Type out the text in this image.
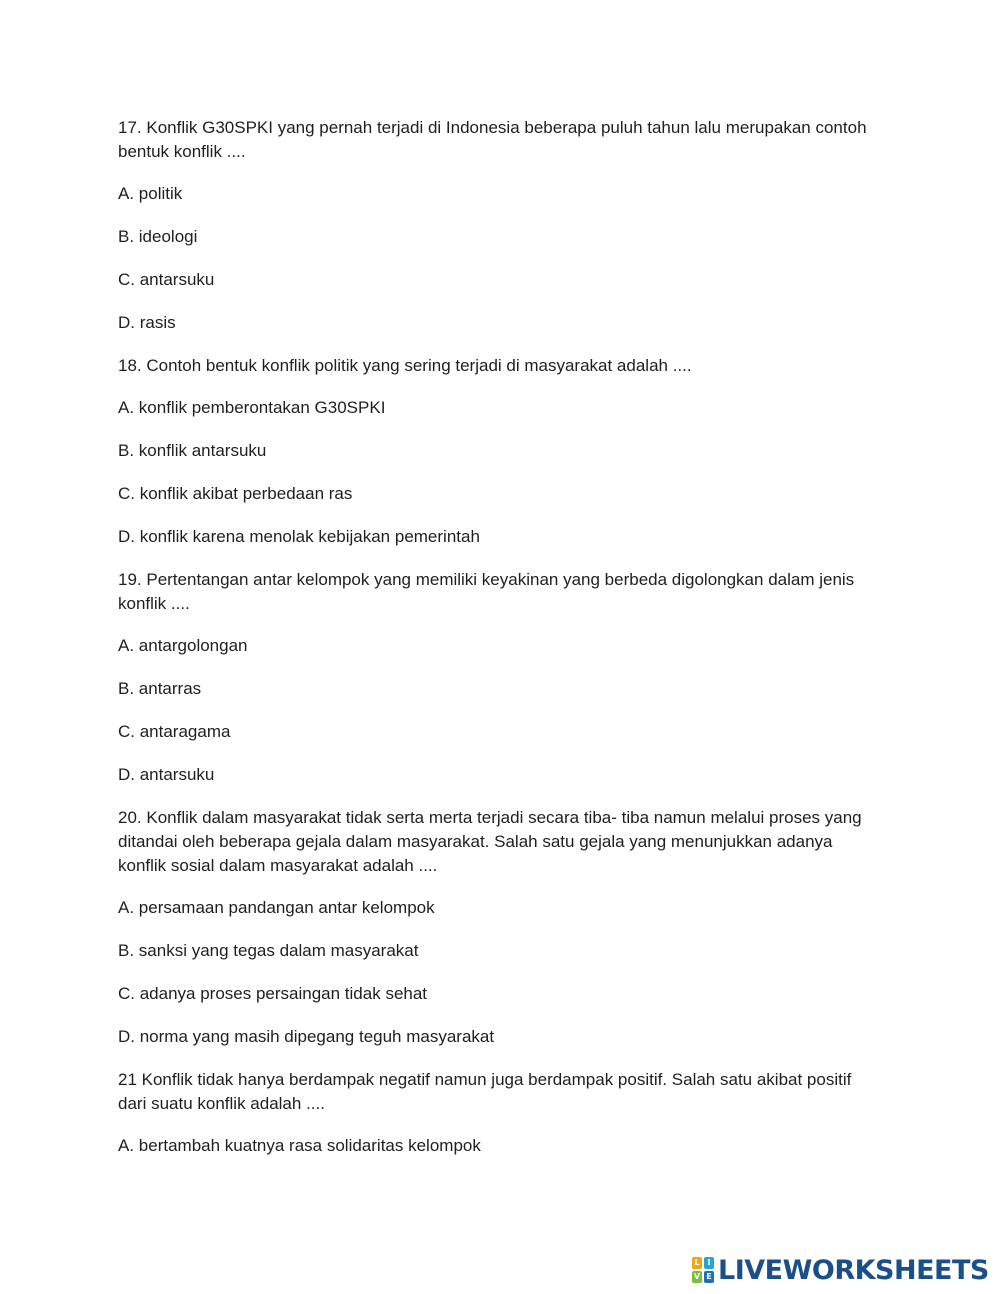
17. Konflik G30SPKI yang pernah terjadi di Indonesia beberapa puluh tahun lalu merupakan contoh bentuk konflik ....

A. politik

B. ideologi

C. antarsuku

D. rasis

18. Contoh bentuk konflik politik yang sering terjadi di masyarakat adalah ....

A. konflik pemberontakan G30SPKI

B. konflik antarsuku

C. konflik akibat perbedaan ras

D. konflik karena menolak kebijakan pemerintah

19. Pertentangan antar kelompok yang memiliki keyakinan yang berbeda digolongkan dalam jenis konflik ....

A. antargolongan

B. antarras

C. antaragama

D. antarsuku

20. Konflik dalam masyarakat tidak serta merta terjadi secara tiba- tiba namun melalui proses yang ditandai oleh beberapa gejala dalam masyarakat. Salah satu gejala yang menunjukkan adanya konflik sosial dalam masyarakat adalah ....

A. persamaan pandangan antar kelompok

B. sanksi yang tegas dalam masyarakat

C. adanya proses persaingan tidak sehat

D. norma yang masih dipegang teguh masyarakat

21 Konflik tidak hanya berdampak negatif namun juga berdampak positif. Salah satu akibat positif dari suatu konflik adalah ....

A. bertambah kuatnya rasa solidaritas kelompok

L I
V E LIVEWORKSHEETS
